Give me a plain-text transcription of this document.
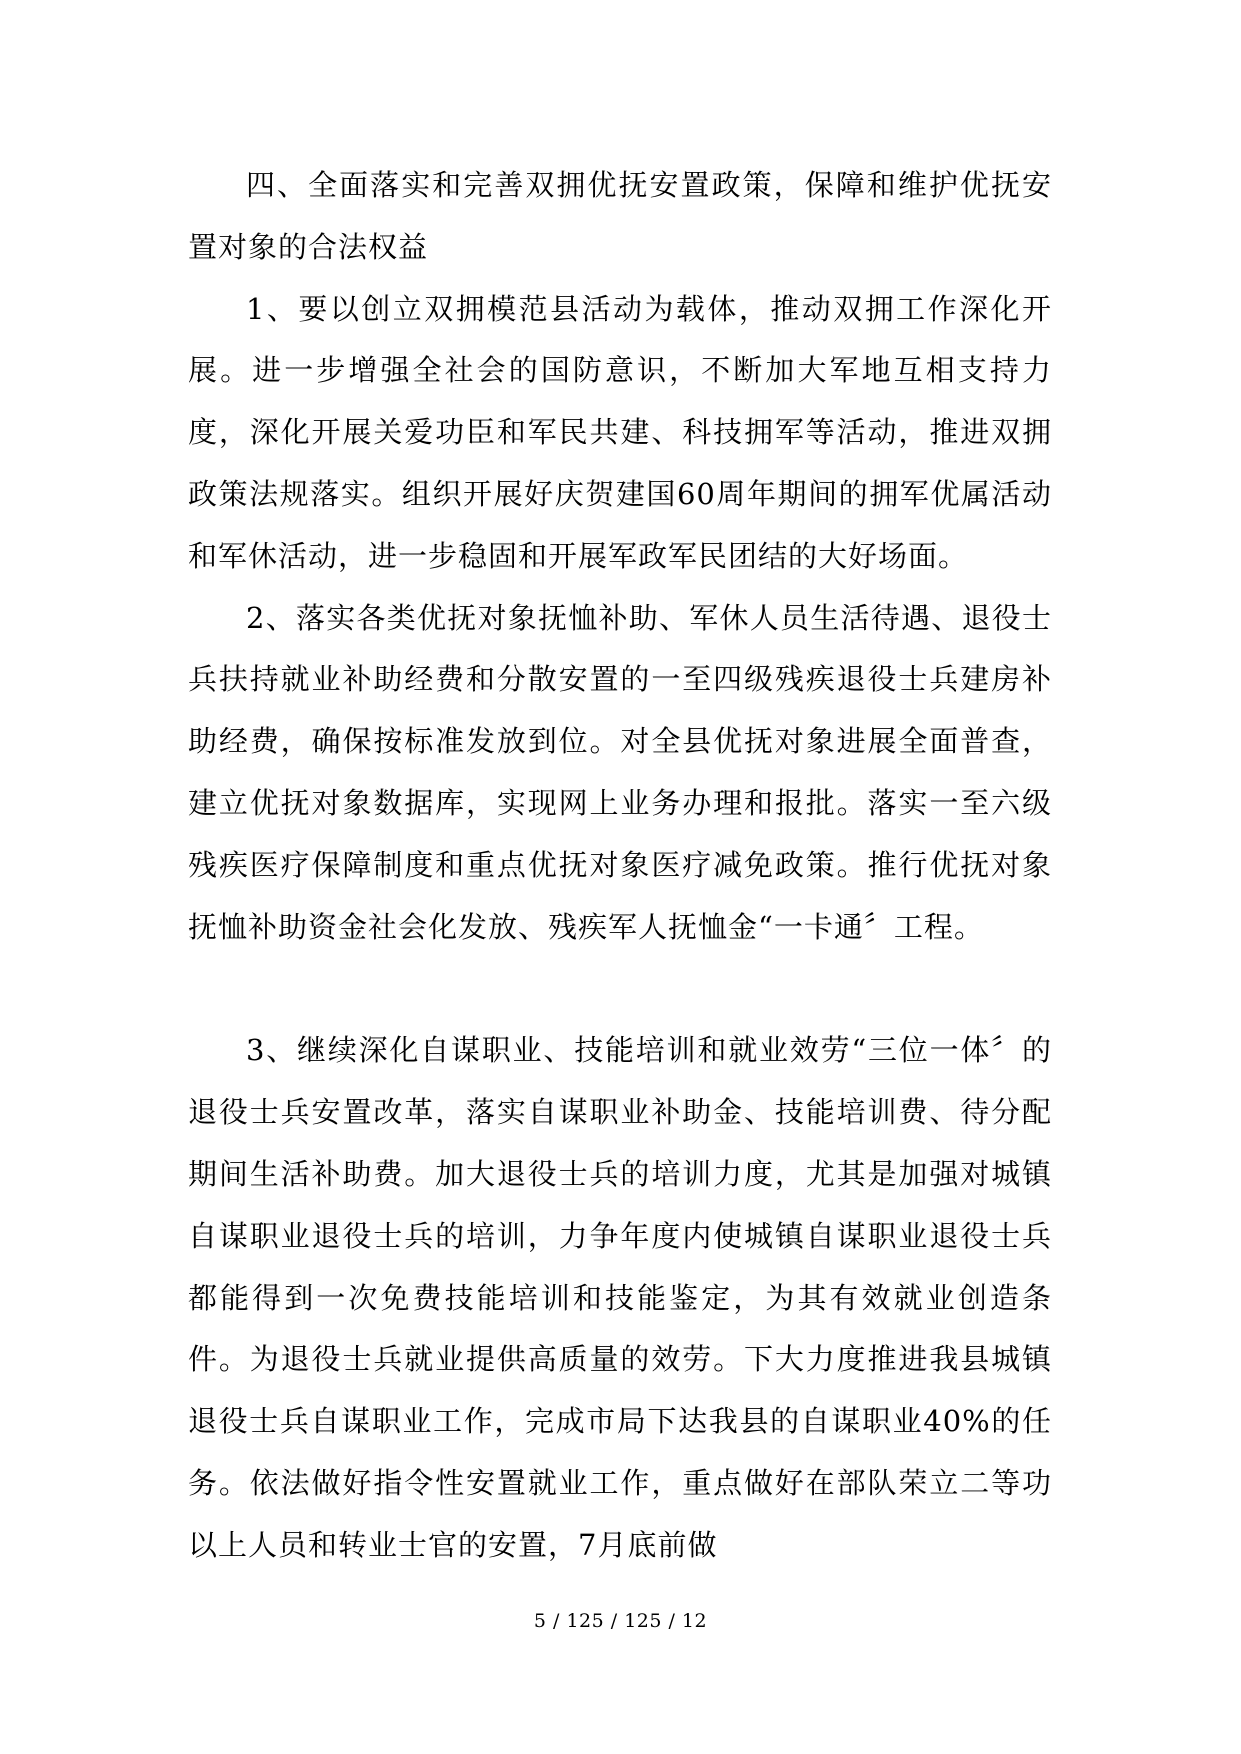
四、全面落实和完善双拥优抚安置政策，保障和维护优抚安置对象的合法权益

1、要以创立双拥模范县活动为载体，推动双拥工作深化开展。进一步增强全社会的国防意识，不断加大军地互相支持力度，深化开展关爱功臣和军民共建、科技拥军等活动，推进双拥政策法规落实。组织开展好庆贺建国60周年期间的拥军优属活动和军休活动，进一步稳固和开展军政军民团结的大好场面。

2、落实各类优抚对象抚恤补助、军休人员生活待遇、退役士兵扶持就业补助经费和分散安置的一至四级残疾退役士兵建房补助经费，确保按标准发放到位。对全县优抚对象进展全面普查，建立优抚对象数据库，实现网上业务办理和报批。落实一至六级残疾医疗保障制度和重点优抚对象医疗减免政策。推行优抚对象抚恤补助资金社会化发放、残疾军人抚恤金“一卡通〞工程。

3、继续深化自谋职业、技能培训和就业效劳“三位一体〞的退役士兵安置改革，落实自谋职业补助金、技能培训费、待分配期间生活补助费。加大退役士兵的培训力度，尤其是加强对城镇自谋职业退役士兵的培训，力争年度内使城镇自谋职业退役士兵都能得到一次免费技能培训和技能鉴定，为其有效就业创造条件。为退役士兵就业提供高质量的效劳。下大力度推进我县城镇退役士兵自谋职业工作，完成市局下达我县的自谋职业40%的任务。依法做好指令性安置就业工作，重点做好在部队荣立二等功以上人员和转业士官的安置，7月底前做

5 / 125 / 125 / 12
